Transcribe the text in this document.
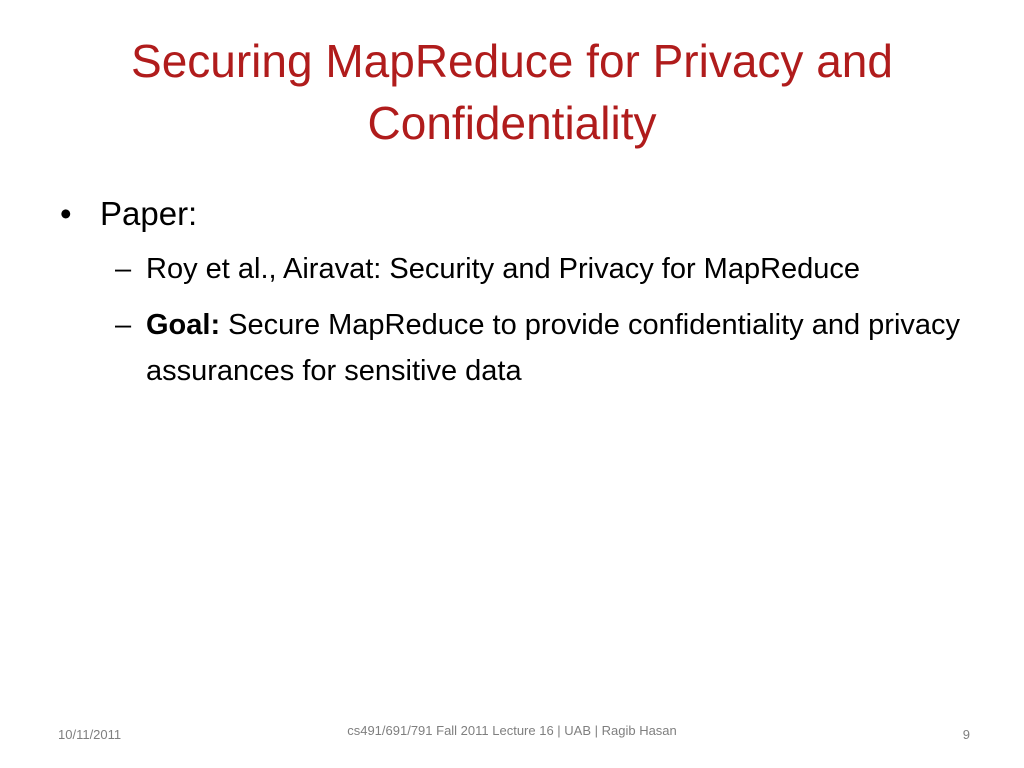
Securing MapReduce for Privacy and Confidentiality
• Paper:
– Roy et al., Airavat: Security and Privacy for MapReduce
– Goal: Secure MapReduce to provide confidentiality and privacy assurances for sensitive data
10/11/2011	cs491/691/791 Fall 2011 Lecture 16 | UAB | Ragib Hasan	9
